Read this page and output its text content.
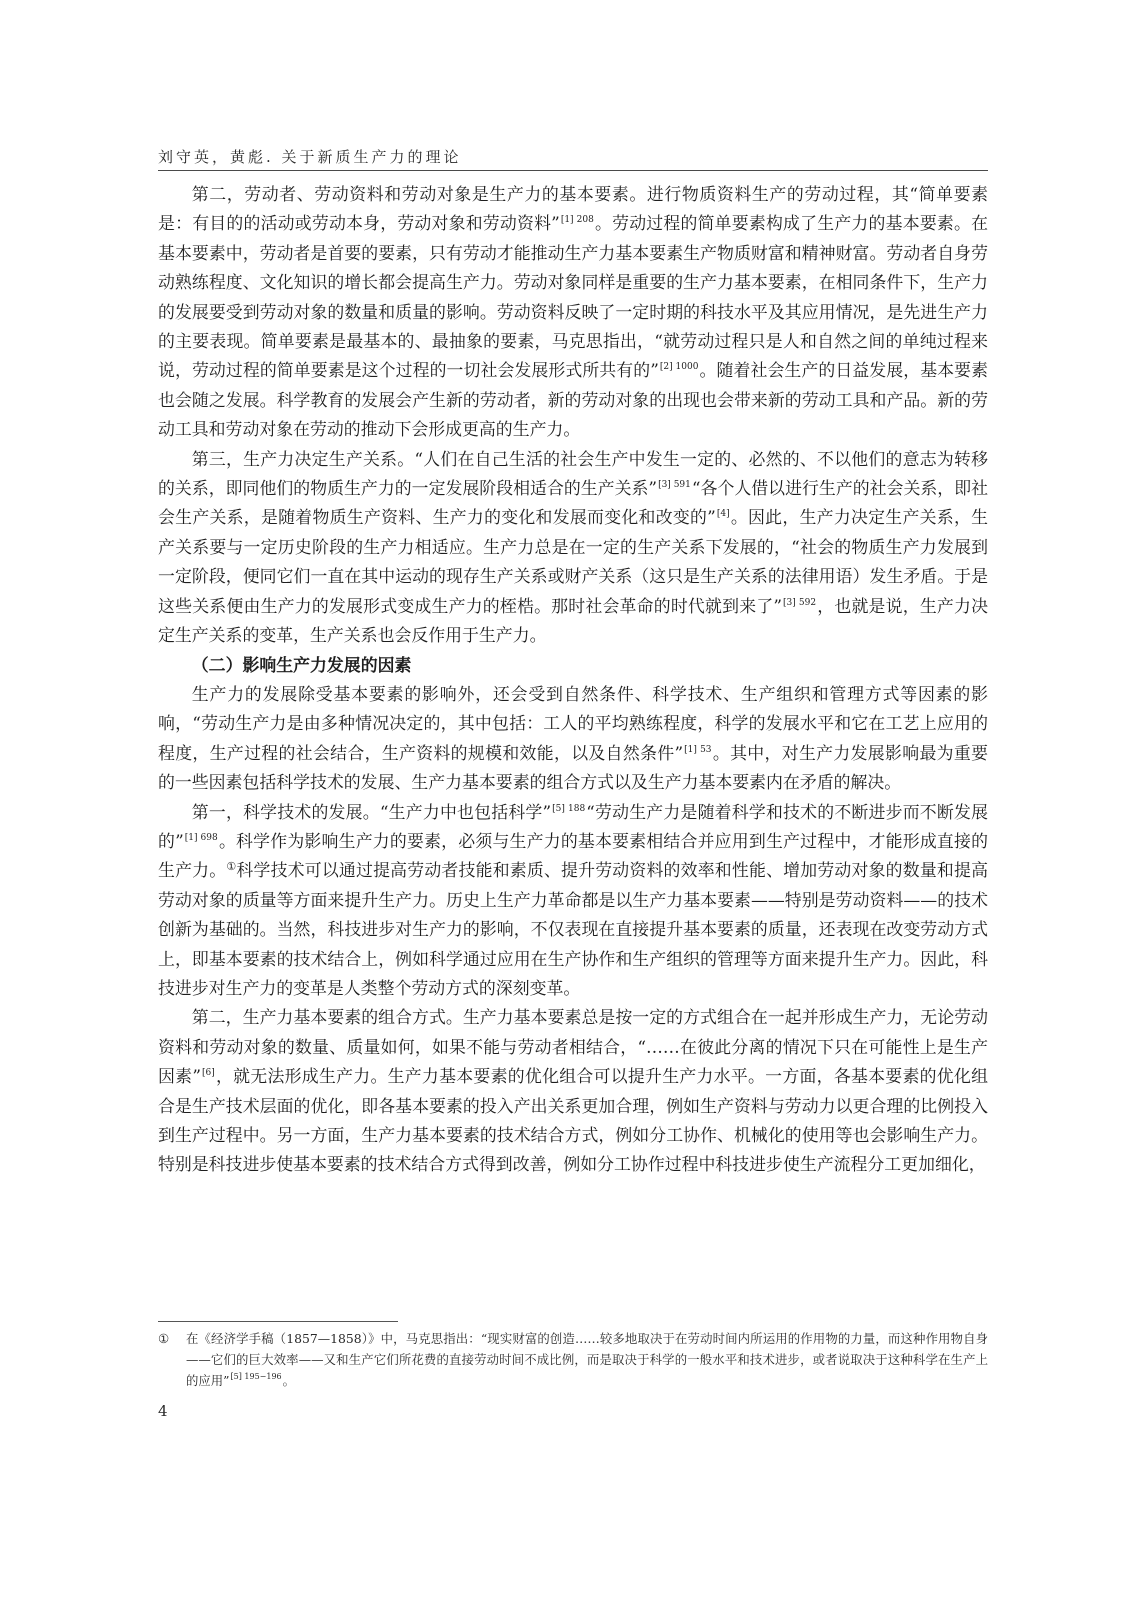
刘守英，黄彪. 关于新质生产力的理论

第二，劳动者、劳动资料和劳动对象是生产力的基本要素。进行物质资料生产的劳动过程，其“简单要素是：有目的的活动或劳动本身，劳动对象和劳动资料”$^{[1] 208}$。劳动过程的简单要素构成了生产力的基本要素。在基本要素中，劳动者是首要的要素，只有劳动才能推动生产力基本要素生产物质财富和精神财富。劳动者自身劳动熟练程度、文化知识的增长都会提高生产力。劳动对象同样是重要的生产力基本要素，在相同条件下，生产力的发展要受到劳动对象的数量和质量的影响。劳动资料反映了一定时期的科技水平及其应用情况，是先进生产力的主要表现。简单要素是最基本的、最抽象的要素，马克思指出，“就劳动过程只是人和自然之间的单纯过程来说，劳动过程的简单要素是这个过程的一切社会发展形式所共有的”$^{[2] 1000}$。随着社会生产的日益发展，基本要素也会随之发展。科学教育的发展会产生新的劳动者，新的劳动对象的出现也会带来新的劳动工具和产品。新的劳动工具和劳动对象在劳动的推动下会形成更高的生产力。

第三，生产力决定生产关系。“人们在自己生活的社会生产中发生一定的、必然的、不以他们的意志为转移的关系，即同他们的物质生产力的一定发展阶段相适合的生产关系”$^{[3] 591}$“各个人借以进行生产的社会关系，即社会生产关系，是随着物质生产资料、生产力的变化和发展而变化和改变的”[4]。因此，生产力决定生产关系，生产关系要与一定历史阶段的生产力相适应。生产力总是在一定的生产关系下发展的，“社会的物质生产力发展到一定阶段，便同它们一直在其中运动的现存生产关系或财产关系（这只是生产关系的法律用语）发生矛盾。于是这些关系便由生产力的发展形式变成生产力的桎梏。那时社会革命的时代就到来了”$^{[3] 592}$，也就是说，生产力决定生产关系的变革，生产关系也会反作用于生产力。

（二）影响生产力发展的因素

生产力的发展除受基本要素的影响外，还会受到自然条件、科学技术、生产组织和管理方式等因素的影响，“劳动生产力是由多种情况决定的，其中包括：工人的平均熟练程度，科学的发展水平和它在工艺上应用的程度，生产过程的社会结合，生产资料的规模和效能，以及自然条件”$^{[1] 53}$。其中，对生产力发展影响最为重要的一些因素包括科学技术的发展、生产力基本要素的组合方式以及生产力基本要素内在矛盾的解决。

第一，科学技术的发展。“生产力中也包括科学”$^{[5] 188}$“劳动生产力是随着科学和技术的不断进步而不断发展的”$^{[1] 698}$。科学作为影响生产力的要素，必须与生产力的基本要素相结合并应用到生产过程中，才能形成直接的生产力。①科学技术可以通过提高劳动者技能和素质、提升劳动资料的效率和性能、增加劳动对象的数量和提高劳动对象的质量等方面来提升生产力。历史上生产力革命都是以生产力基本要素——特别是劳动资料——的技术创新为基础的。当然，科技进步对生产力的影响，不仅表现在直接提升基本要素的质量，还表现在改变劳动方式上，即基本要素的技术结合上，例如科学通过应用在生产协作和生产组织的管理等方面来提升生产力。因此，科技进步对生产力的变革是人类整个劳动方式的深刻变革。

第二，生产力基本要素的组合方式。生产力基本要素总是按一定的方式组合在一起并形成生产力，无论劳动资料和劳动对象的数量、质量如何，如果不能与劳动者相结合，“……在彼此分离的情况下只在可能性上是生产因素”[6]，就无法形成生产力。生产力基本要素的优化组合可以提升生产力水平。一方面，各基本要素的优化组合是生产技术层面的优化，即各基本要素的投入产出关系更加合理，例如生产资料与劳动力以更合理的比例投入到生产过程中。另一方面，生产力基本要素的技术结合方式，例如分工协作、机械化的使用等也会影响生产力。特别是科技进步使基本要素的技术结合方式得到改善，例如分工协作过程中科技进步使生产流程分工更加细化，

①	在《经济学手稿（1857—1858）》中，马克思指出：“现实财富的创造……较多地取决于在劳动时间内所运用的作用物的力量，而这种作用物自身——它们的巨大效率——又和生产它们所花费的直接劳动时间不成比例，而是取决于科学的一般水平和技术进步，或者说取决于这种科学在生产上的应用”$^{[5] 195-196}$。
4
